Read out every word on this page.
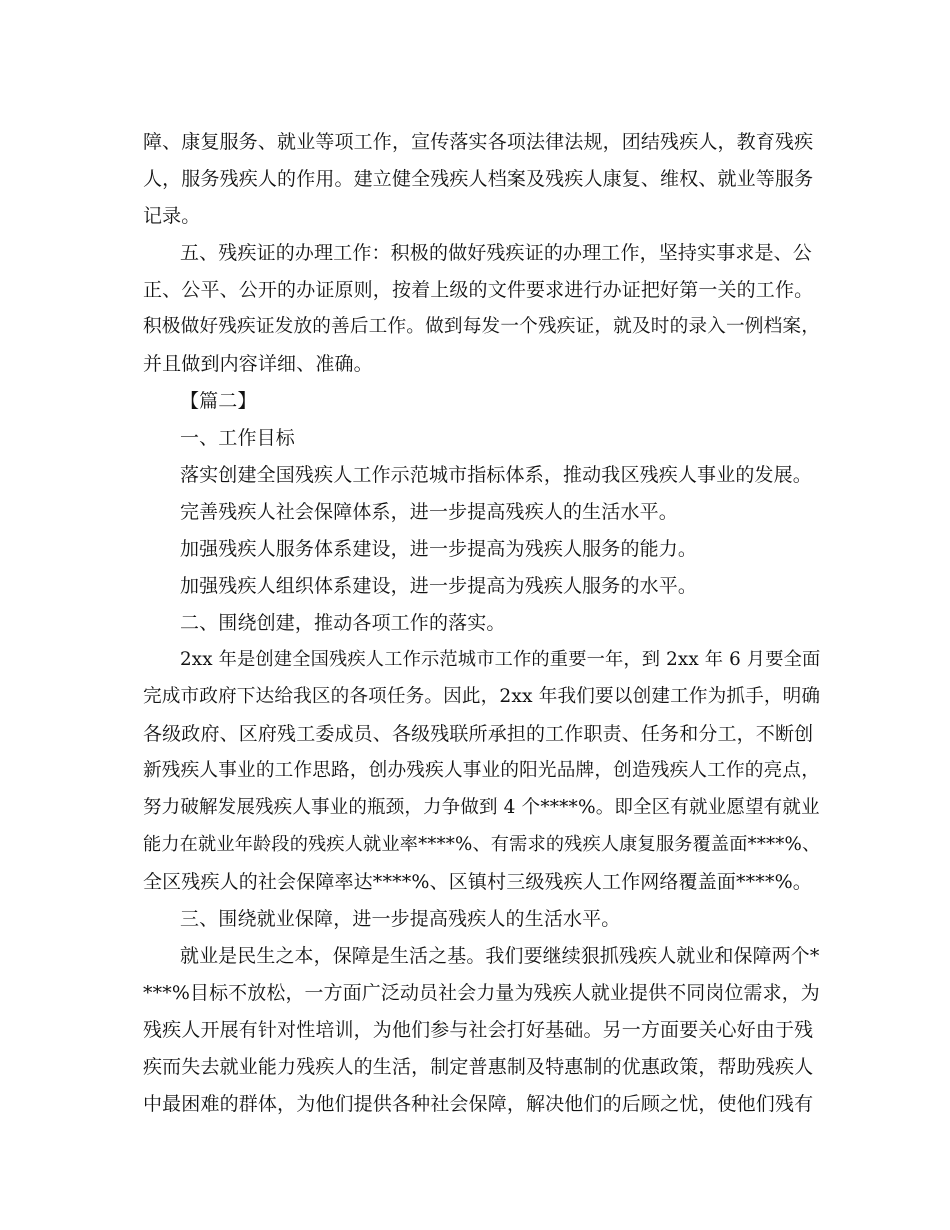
障、康复服务、就业等项工作，宣传落实各项法律法规，团结残疾人，教育残疾
人，服务残疾人的作用。建立健全残疾人档案及残疾人康复、维权、就业等服务
记录。
五、残疾证的办理工作：积极的做好残疾证的办理工作，坚持实事求是、公
正、公平、公开的办证原则，按着上级的文件要求进行办证把好第一关的工作。
积极做好残疾证发放的善后工作。做到每发一个残疾证，就及时的录入一例档案，
并且做到内容详细、准确。
【篇二】
一、工作目标
落实创建全国残疾人工作示范城市指标体系，推动我区残疾人事业的发展。
完善残疾人社会保障体系，进一步提高残疾人的生活水平。
加强残疾人服务体系建设，进一步提高为残疾人服务的能力。
加强残疾人组织体系建设，进一步提高为残疾人服务的水平。
二、围绕创建，推动各项工作的落实。
2xx 年是创建全国残疾人工作示范城市工作的重要一年，到 2xx 年 6 月要全面
完成市政府下达给我区的各项任务。因此，2xx 年我们要以创建工作为抓手，明确
各级政府、区府残工委成员、各级残联所承担的工作职责、任务和分工，不断创
新残疾人事业的工作思路，创办残疾人事业的阳光品牌，创造残疾人工作的亮点，
努力破解发展残疾人事业的瓶颈，力争做到 4 个****%。即全区有就业愿望有就业
能力在就业年龄段的残疾人就业率****%、有需求的残疾人康复服务覆盖面****%、
全区残疾人的社会保障率达****%、区镇村三级残疾人工作网络覆盖面****%。
三、围绕就业保障，进一步提高残疾人的生活水平。
就业是民生之本，保障是生活之基。我们要继续狠抓残疾人就业和保障两个*
***%目标不放松，一方面广泛动员社会力量为残疾人就业提供不同岗位需求，为
残疾人开展有针对性培训，为他们参与社会打好基础。另一方面要关心好由于残
疾而失去就业能力残疾人的生活，制定普惠制及特惠制的优惠政策，帮助残疾人
中最困难的群体，为他们提供各种社会保障，解决他们的后顾之忧，使他们残有
